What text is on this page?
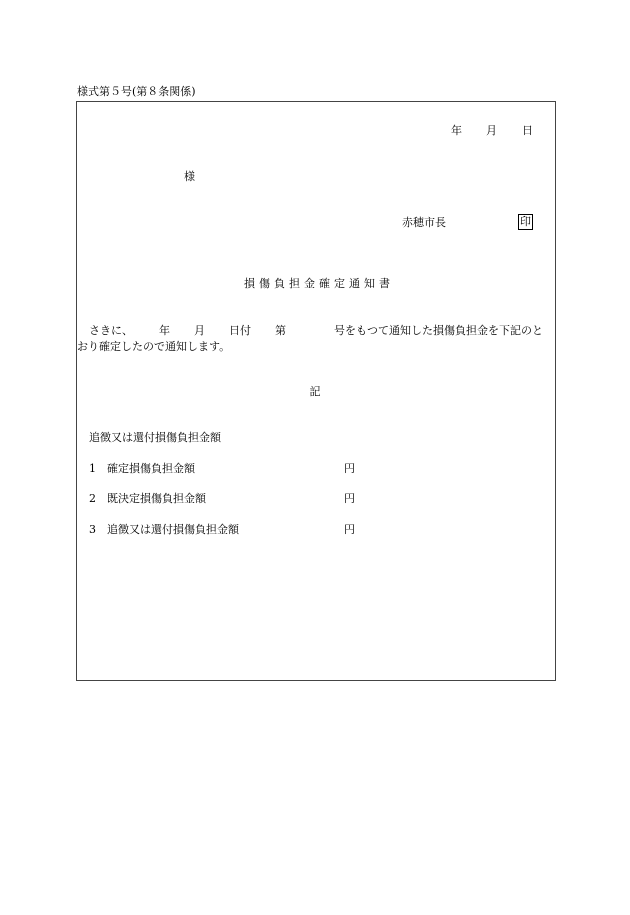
様式第５号(第８条関係)
年 月 日
様
赤穂市長	印
損傷負担金確定通知書
さきに、 年 月 日付 第	号をもつて通知した損傷負担金を下記のと
おり確定したので通知します。
記
追徴又は還付損傷負担金額
1 確定損傷負担金額	円
2 既決定損傷負担金額	円
3 追徴又は還付損傷負担金額	円
